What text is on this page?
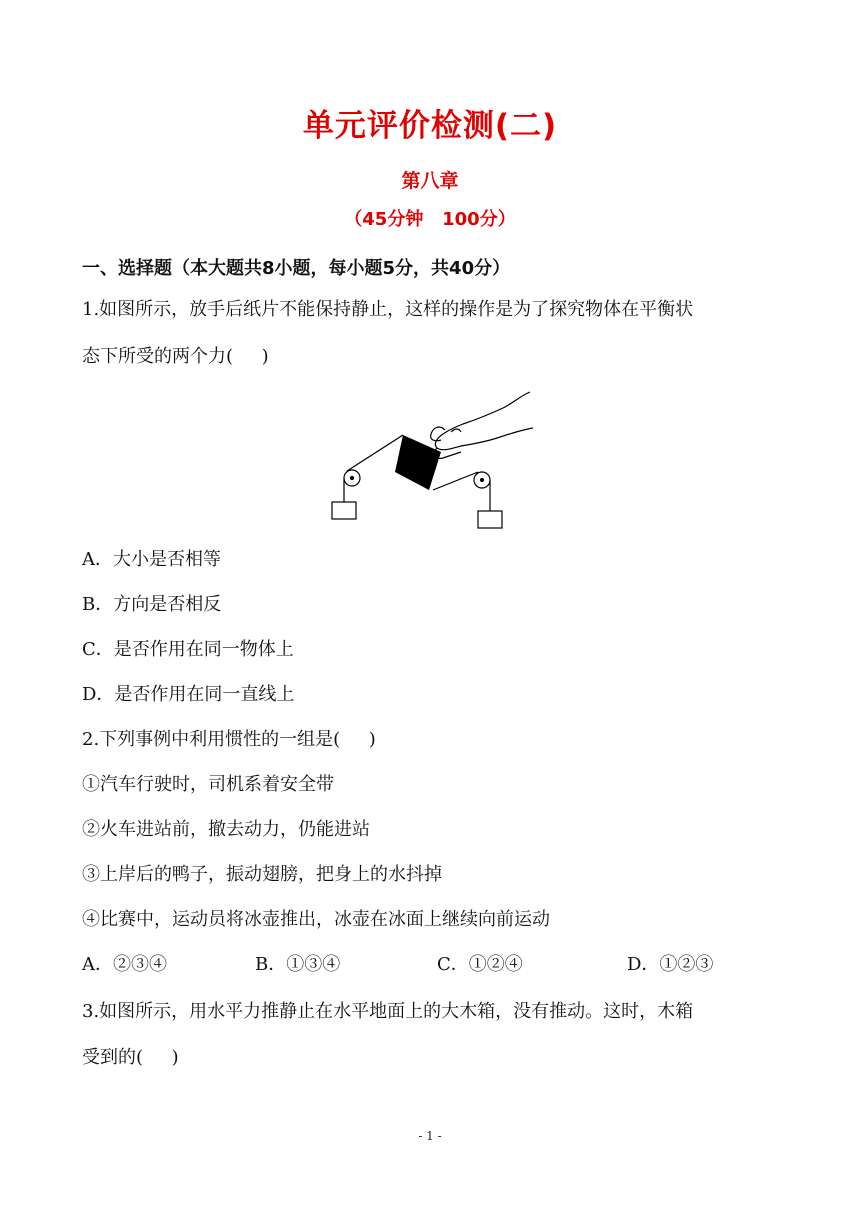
单元评价检测(二)
第八章
（45分钟   100分）
一、选择题（本大题共8小题，每小题5分，共40分）
1.如图所示，放手后纸片不能保持静止，这样的操作是为了探究物体在平衡状
态下所受的两个力(     )
A．大小是否相等
B．方向是否相反
C．是否作用在同一物体上
D．是否作用在同一直线上
2.下列事例中利用惯性的一组是(     )
①汽车行驶时，司机系着安全带
②火车进站前，撤去动力，仍能进站
③上岸后的鸭子，振动翅膀，把身上的水抖掉
④比赛中，运动员将冰壶推出，冰壶在冰面上继续向前运动
A．②③④	B．①③④	C．①②④	D．①②③
3.如图所示，用水平力推静止在水平地面上的大木箱，没有推动。这时，木箱
受到的(     )
- 1 -
